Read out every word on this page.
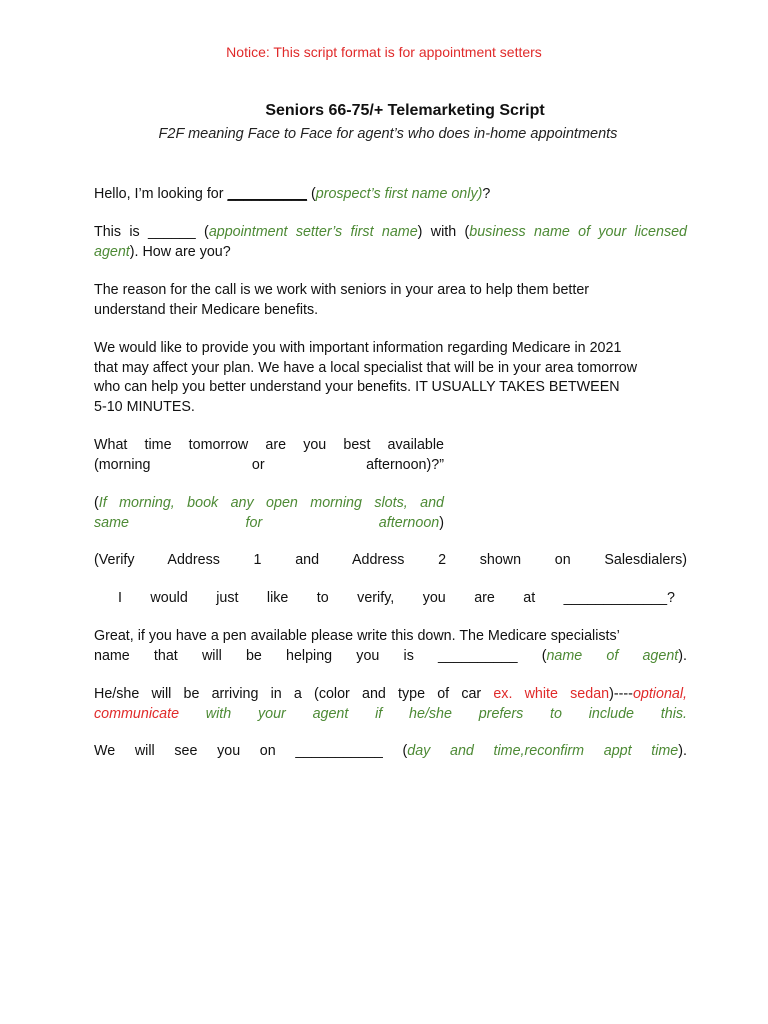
Notice: This script format is for appointment setters
Seniors 66-75/+ Telemarketing Script
F2F meaning Face to Face for agent’s who does in-home appointments

Hello, I’m looking for __________ (prospect’s first name only)?

This is ______ (appointment setter’s first name) with (business name of your licensed
agent). How are you?

The reason for the call is we work with seniors in your area to help them better
understand their Medicare benefits.

We would like to provide you with important information regarding Medicare in 2021
that may affect your plan. We have a local specialist that will be in your area tomorrow
who can help you better understand your benefits. IT USUALLY TAKES BETWEEN
5-10 MINUTES.

What time tomorrow are you best available
(morning or afternoon)?”

(If morning, book any open morning slots, and
same for afternoon)

(Verify Address 1 and Address 2 shown on Salesdialers)

I would just like to verify, you are at _____________?

Great, if you have a pen available please write this down. The Medicare specialists’
name that will be helping you is __________ (name of agent).

He/she will be arriving in a (color and type of car ex. white sedan)----optional,
communicate with your agent if he/she prefers to include this.

We will see you on ___________ (day and time,reconfirm appt time).
